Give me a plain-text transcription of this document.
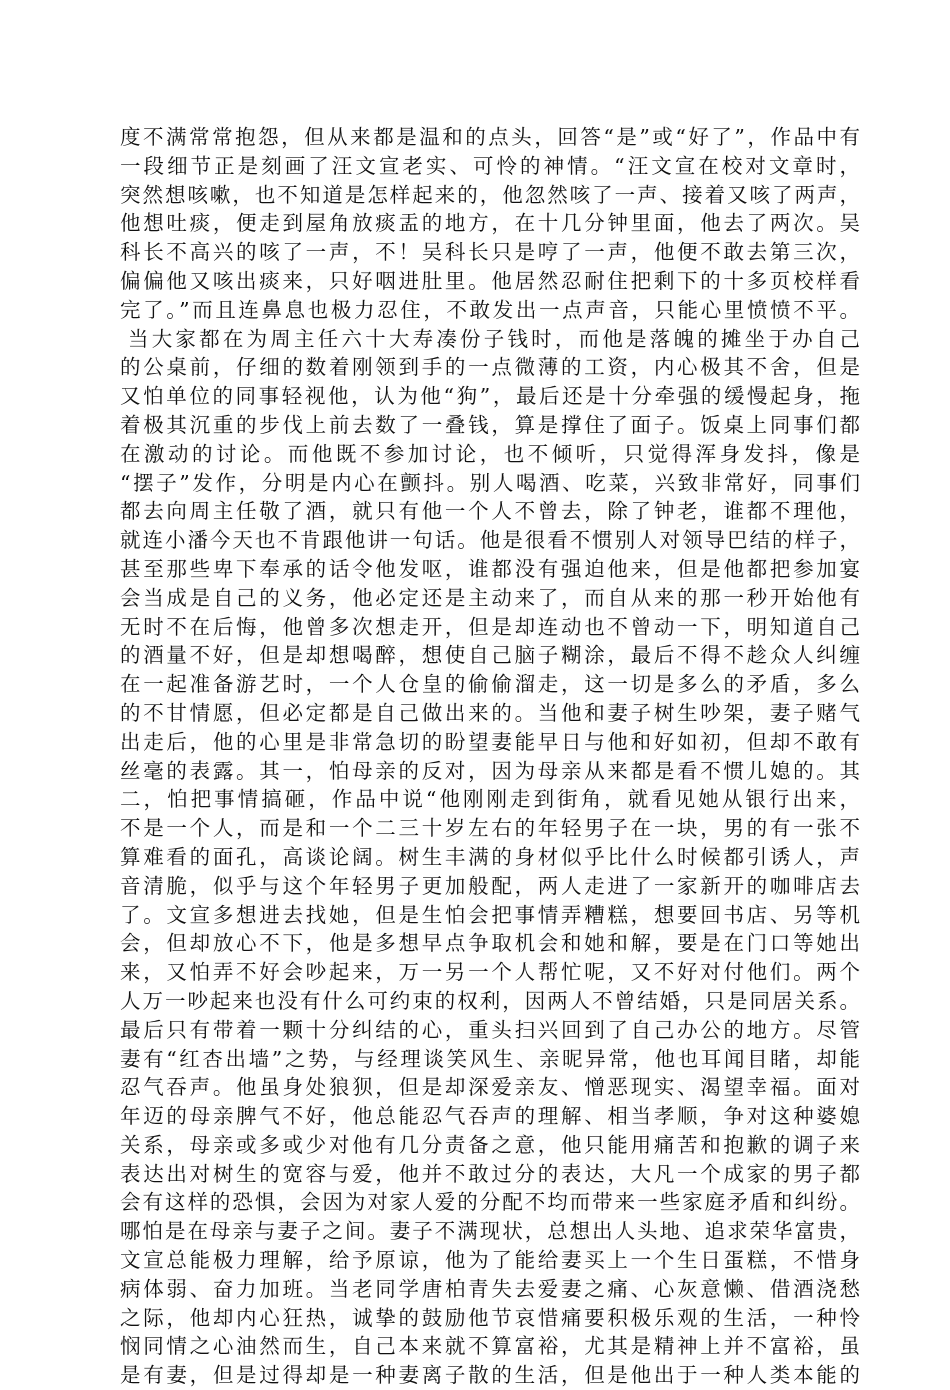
度不满常常抱怨，但从来都是温和的点头，回答“是”或“好了”，作品中有
一段细节正是刻画了汪文宣老实、可怜的神情。“汪文宣在校对文章时，
突然想咳嗽，也不知道是怎样起来的，他忽然咳了一声、接着又咳了两声，
他想吐痰，便走到屋角放痰盂的地方，在十几分钟里面，他去了两次。吴
科长不高兴的咳了一声，不！吴科长只是哼了一声，他便不敢去第三次，
偏偏他又咳出痰来，只好咽进肚里。他居然忍耐住把剩下的十多页校样看
完了。”而且连鼻息也极力忍住，不敢发出一点声音，只能心里愤愤不平。
当大家都在为周主任六十大寿凑份子钱时，而他是落魄的摊坐于办自己
的公桌前，仔细的数着刚领到手的一点微薄的工资，内心极其不舍，但是
又怕单位的同事轻视他，认为他“狗”，最后还是十分牵强的缓慢起身，拖
着极其沉重的步伐上前去数了一叠钱，算是撑住了面子。饭桌上同事们都
在激动的讨论。而他既不参加讨论，也不倾听，只觉得浑身发抖，像是
“摆子”发作，分明是内心在颤抖。别人喝酒、吃菜，兴致非常好，同事们
都去向周主任敬了酒，就只有他一个人不曾去，除了钟老，谁都不理他，
就连小潘今天也不肯跟他讲一句话。他是很看不惯别人对领导巴结的样子，
甚至那些卑下奉承的话令他发呕，谁都没有强迫他来，但是他都把参加宴
会当成是自己的义务，他必定还是主动来了，而自从来的那一秒开始他有
无时不在后悔，他曾多次想走开，但是却连动也不曾动一下，明知道自己
的酒量不好，但是却想喝醉，想使自己脑子糊涂，最后不得不趁众人纠缠
在一起准备游艺时，一个人仓皇的偷偷溜走，这一切是多么的矛盾，多么
的不甘情愿，但必定都是自己做出来的。当他和妻子树生吵架，妻子赌气
出走后，他的心里是非常急切的盼望妻能早日与他和好如初，但却不敢有
丝毫的表露。其一，怕母亲的反对，因为母亲从来都是看不惯儿媳的。其
二，怕把事情搞砸，作品中说“他刚刚走到街角，就看见她从银行出来，
不是一个人，而是和一个二三十岁左右的年轻男子在一块，男的有一张不
算难看的面孔，高谈论阔。树生丰满的身材似乎比什么时候都引诱人，声
音清脆，似乎与这个年轻男子更加般配，两人走进了一家新开的咖啡店去
了。文宣多想进去找她，但是生怕会把事情弄糟糕，想要回书店、另等机
会，但却放心不下，他是多想早点争取机会和她和解，要是在门口等她出
来，又怕弄不好会吵起来，万一另一个人帮忙呢，又不好对付他们。两个
人万一吵起来也没有什么可约束的权利，因两人不曾结婚，只是同居关系。
最后只有带着一颗十分纠结的心，重头扫兴回到了自己办公的地方。尽管
妻有“红杏出墙”之势，与经理谈笑风生、亲昵异常，他也耳闻目睹，却能
忍气吞声。他虽身处狼狈，但是却深爱亲友、憎恶现实、渴望幸福。面对
年迈的母亲脾气不好，他总能忍气吞声的理解、相当孝顺，争对这种婆媳
关系，母亲或多或少对他有几分责备之意，他只能用痛苦和抱歉的调子来
表达出对树生的宽容与爱，他并不敢过分的表达，大凡一个成家的男子都
会有这样的恐惧，会因为对家人爱的分配不均而带来一些家庭矛盾和纠纷。
哪怕是在母亲与妻子之间。妻子不满现状，总想出人头地、追求荣华富贵，
文宣总能极力理解，给予原谅，他为了能给妻买上一个生日蛋糕，不惜身
病体弱、奋力加班。当老同学唐柏青失去爱妻之痛、心灰意懒、借酒浇愁
之际，他却内心狂热，诚挚的鼓励他节哀惜痛要积极乐观的生活，一种怜
悯同情之心油然而生，自己本来就不算富裕，尤其是精神上并不富裕，虽
是有妻，但是过得却是一种妻离子散的生活，但是他出于一种人类本能的
